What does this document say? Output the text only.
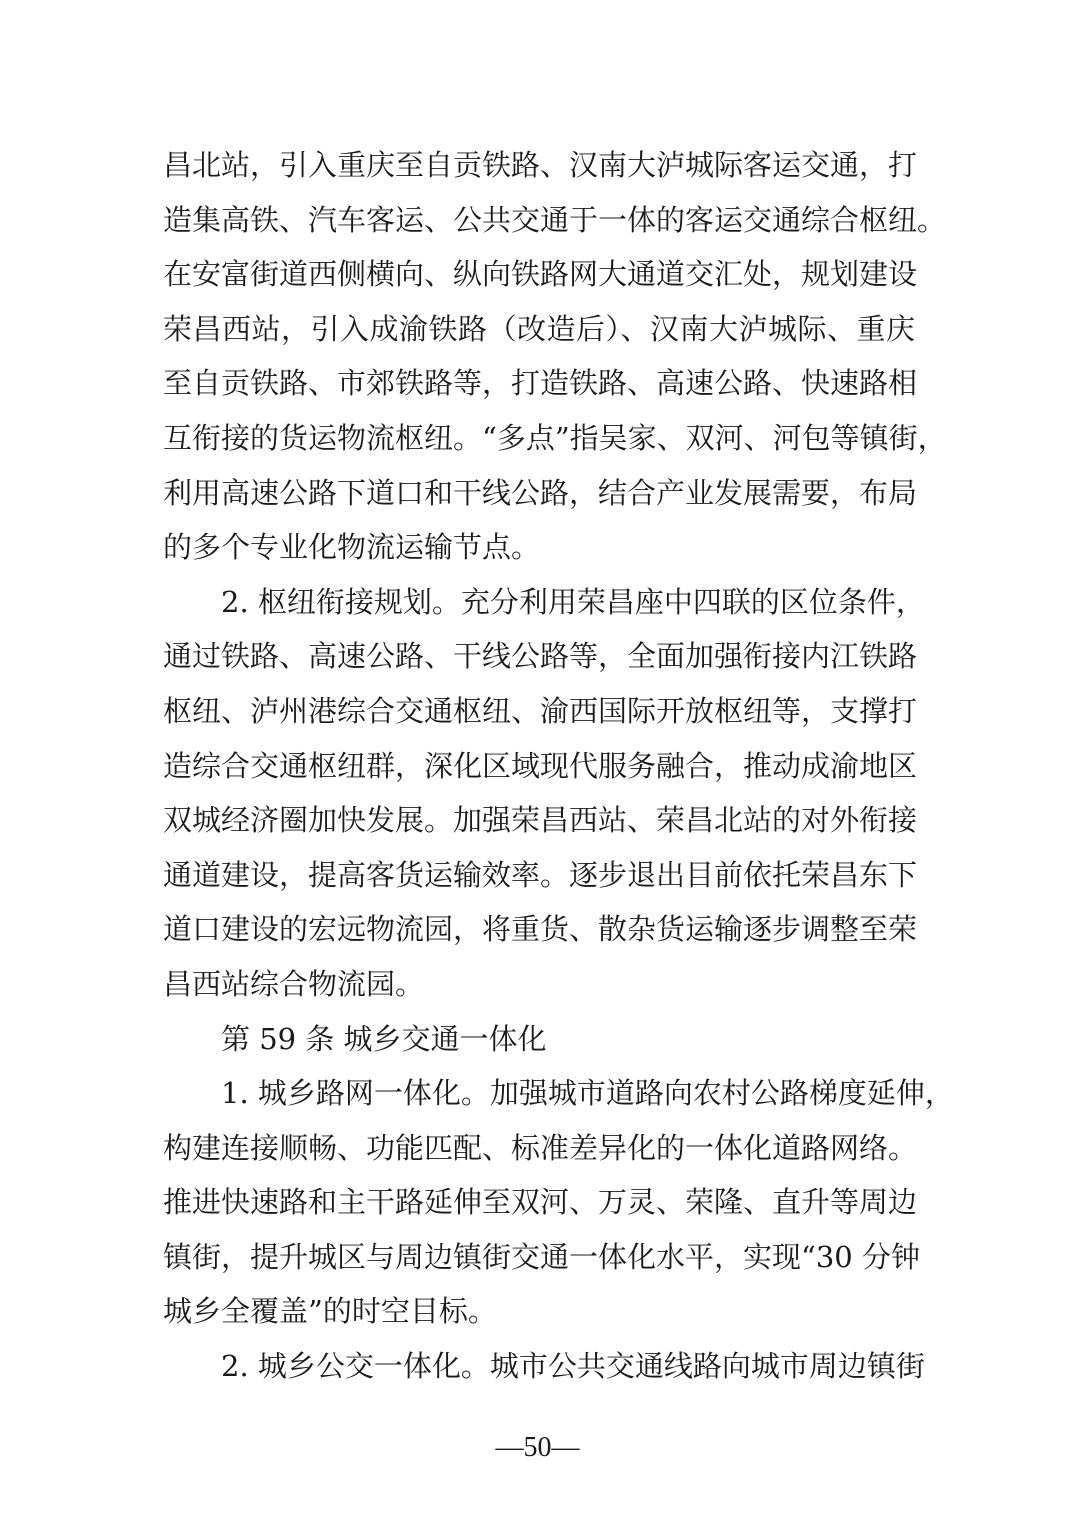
昌北站，引入重庆至自贡铁路、汉南大泸城际客运交通，打
造集高铁、汽车客运、公共交通于一体的客运交通综合枢纽。
在安富街道西侧横向、纵向铁路网大通道交汇处，规划建设
荣昌西站，引入成渝铁路（改造后）、汉南大泸城际、重庆
至自贡铁路、市郊铁路等，打造铁路、高速公路、快速路相
互衔接的货运物流枢纽。“多点”指吴家、双河、河包等镇街，
利用高速公路下道口和干线公路，结合产业发展需要，布局
的多个专业化物流运输节点。
2. 枢纽衔接规划。充分利用荣昌座中四联的区位条件，
通过铁路、高速公路、干线公路等，全面加强衔接内江铁路
枢纽、泸州港综合交通枢纽、渝西国际开放枢纽等，支撑打
造综合交通枢纽群，深化区域现代服务融合，推动成渝地区
双城经济圈加快发展。加强荣昌西站、荣昌北站的对外衔接
通道建设，提高客货运输效率。逐步退出目前依托荣昌东下
道口建设的宏远物流园，将重货、散杂货运输逐步调整至荣
昌西站综合物流园。
第 59 条 城乡交通一体化
1. 城乡路网一体化。加强城市道路向农村公路梯度延伸，
构建连接顺畅、功能匹配、标准差异化的一体化道路网络。
推进快速路和主干路延伸至双河、万灵、荣隆、直升等周边
镇街，提升城区与周边镇街交通一体化水平，实现“30 分钟
城乡全覆盖”的时空目标。
2. 城乡公交一体化。城市公共交通线路向城市周边镇街
—50—
